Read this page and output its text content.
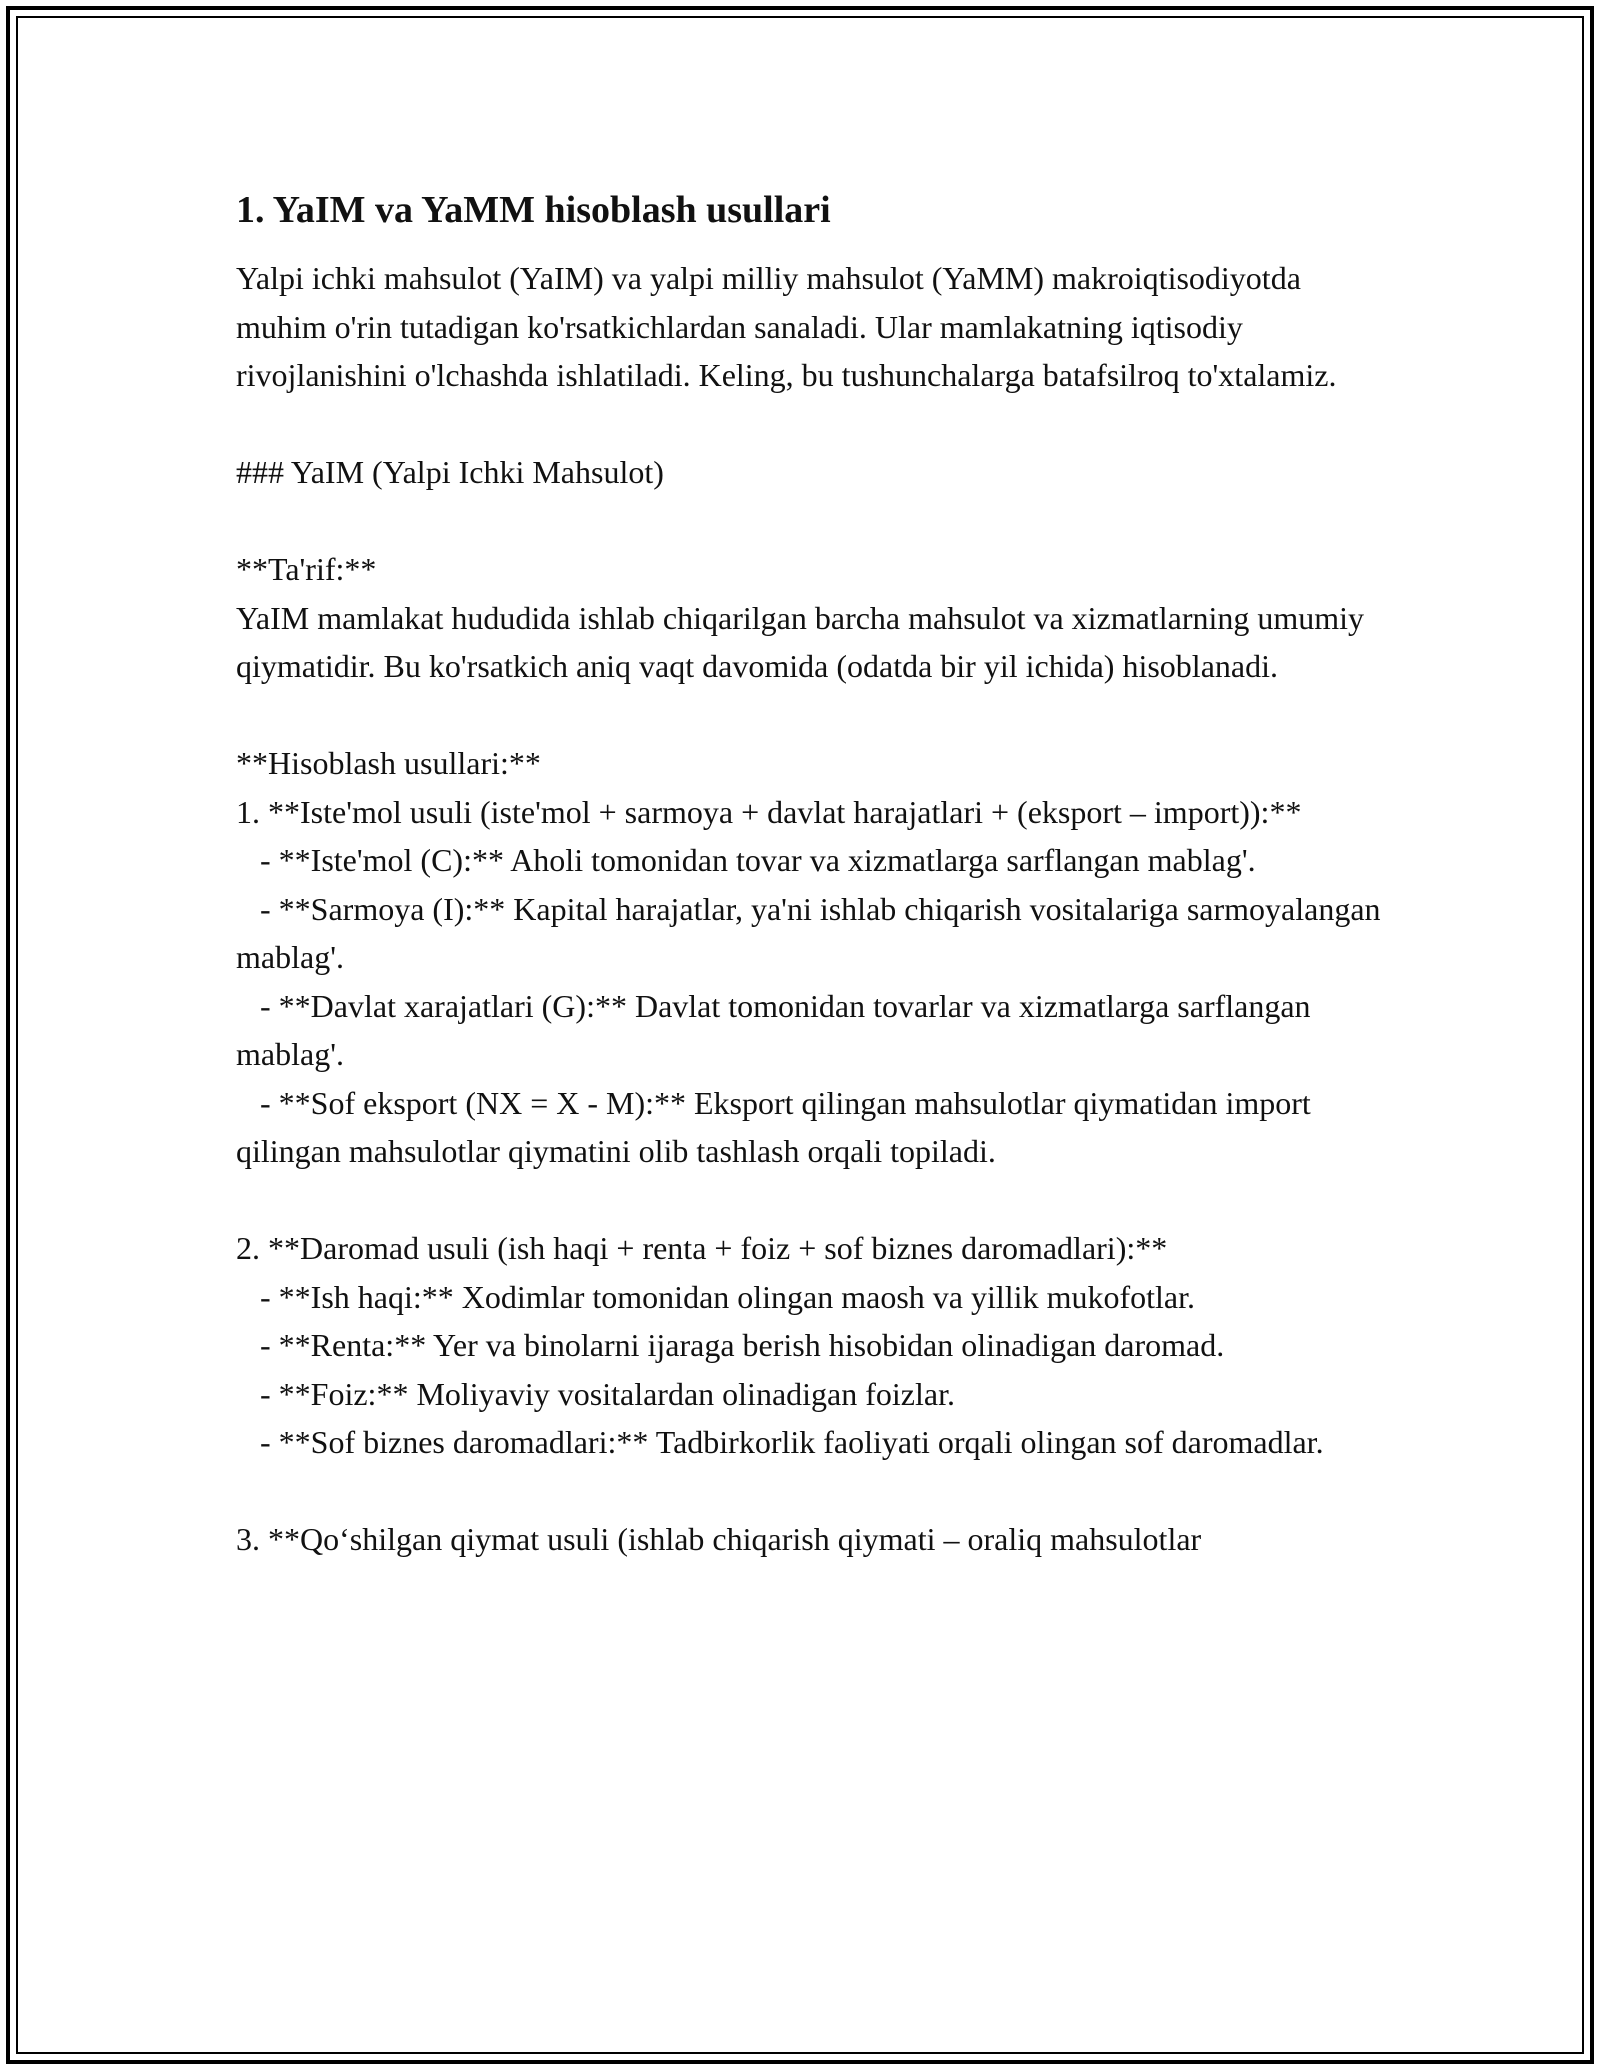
1. YaIM va YaMM hisoblash usullari

Yalpi ichki mahsulot (YaIM) va yalpi milliy mahsulot (YaMM) makroiqtisodiyotda muhim o'rin tutadigan ko'rsatkichlardan sanaladi. Ular mamlakatning iqtisodiy rivojlanishini o'lchashda ishlatiladi. Keling, bu tushunchalarga batafsilroq to'xtalamiz.

### YaIM (Yalpi Ichki Mahsulot)

**Ta'rif:**

YaIM mamlakat hududida ishlab chiqarilgan barcha mahsulot va xizmatlarning umumiy qiymatidir. Bu ko'rsatkich aniq vaqt davomida (odatda bir yil ichida) hisoblanadi.

**Hisoblash usullari:**

1. **Iste'mol usuli (iste'mol + sarmoya + davlat harajatlari + (eksport – import)):**

- **Iste'mol (C):** Aholi tomonidan tovar va xizmatlarga sarflangan mablag'.

- **Sarmoya (I):** Kapital harajatlar, ya'ni ishlab chiqarish vositalariga sarmoyalangan mablag'.

- **Davlat xarajatlari (G):** Davlat tomonidan tovarlar va xizmatlarga sarflangan mablag'.

- **Sof eksport (NX = X - M):** Eksport qilingan mahsulotlar qiymatidan import qilingan mahsulotlar qiymatini olib tashlash orqali topiladi.

2. **Daromad usuli (ish haqi + renta + foiz + sof biznes daromadlari):**

- **Ish haqi:** Xodimlar tomonidan olingan maosh va yillik mukofotlar.

- **Renta:** Yer va binolarni ijaraga berish hisobidan olinadigan daromad.

- **Foiz:** Moliyaviy vositalardan olinadigan foizlar.

- **Sof biznes daromadlari:** Tadbirkorlik faoliyati orqali olingan sof daromadlar.

3. **Qo‘shilgan qiymat usuli (ishlab chiqarish qiymati – oraliq mahsulotlar
